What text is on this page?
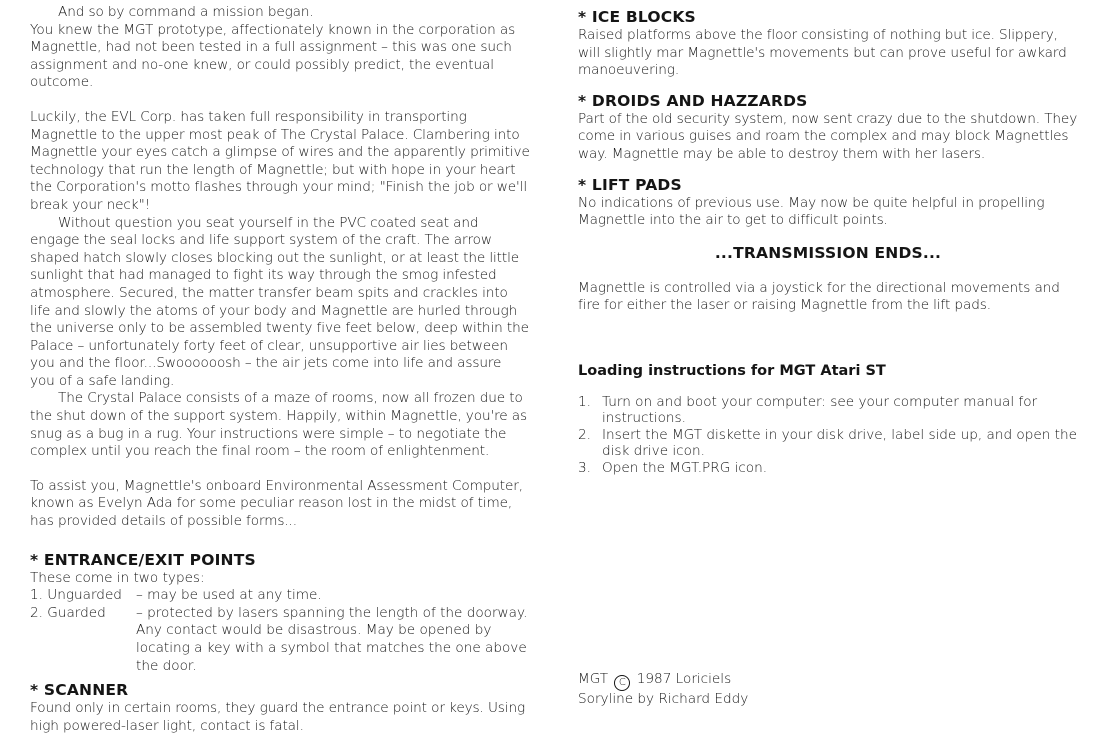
And so by command a mission began.

You knew the MGT prototype, affectionately known in the corporation as Magnettle, had not been tested in a full assignment – this was one such assignment and no-one knew, or could possibly predict, the eventual outcome.

Luckily, the EVL Corp. has taken full responsibility in transporting Magnettle to the upper most peak of The Crystal Palace. Clambering into Magnettle your eyes catch a glimpse of wires and the apparently primitive technology that run the length of Magnettle; but with hope in your heart the Corporation's motto flashes through your mind; "Finish the job or we'll break your neck"!

Without question you seat yourself in the PVC coated seat and engage the seal locks and life support system of the craft. The arrow shaped hatch slowly closes blocking out the sunlight, or at least the little sunlight that had managed to fight its way through the smog infested atmosphere. Secured, the matter transfer beam spits and crackles into life and slowly the atoms of your body and Magnettle are hurled through the universe only to be assembled twenty five feet below, deep within the Palace – unfortunately forty feet of clear, unsupportive air lies between you and the floor...Swoooooosh – the air jets come into life and assure you of a safe landing.

The Crystal Palace consists of a maze of rooms, now all frozen due to the shut down of the support system. Happily, within Magnettle, you're as snug as a bug in a rug. Your instructions were simple – to negotiate the complex until you reach the final room – the room of enlightenment.

To assist you, Magnettle's onboard Environmental Assessment Computer, known as Evelyn Ada for some peculiar reason lost in the midst of time, has provided details of possible forms...

* ENTRANCE/EXIT POINTS
These come in two types:
1. Unguarded	– may be used at any time.
2. Guarded	– protected by lasers spanning the length of the doorway. Any contact would be disastrous. May be opened by locating a key with a symbol that matches the one above the door.
* SCANNER

Found only in certain rooms, they guard the entrance point or keys. Using high powered-laser light, contact is fatal.

* ICE BLOCKS

Raised platforms above the floor consisting of nothing but ice. Slippery, will slightly mar Magnettle's movements but can prove useful for awkard manoeuvering.

* DROIDS AND HAZZARDS

Part of the old security system, now sent crazy due to the shutdown. They come in various guises and roam the complex and may block Magnettles way. Magnettle may be able to destroy them with her lasers.

* LIFT PADS

No indications of previous use. May now be quite helpful in propelling Magnettle into the air to get to difficult points.

...TRANSMISSION ENDS...

Magnettle is controlled via a joystick for the directional movements and fire for either the laser or raising Magnettle from the lift pads.

Loading instructions for MGT Atari ST
1. Turn on and boot your computer: see your computer manual for instructions.
2. Insert the MGT diskette in your disk drive, label side up, and open the disk drive icon.
3. Open the MGT.PRG icon.
MGT C 1987 Loriciels
Soryline by Richard Eddy
